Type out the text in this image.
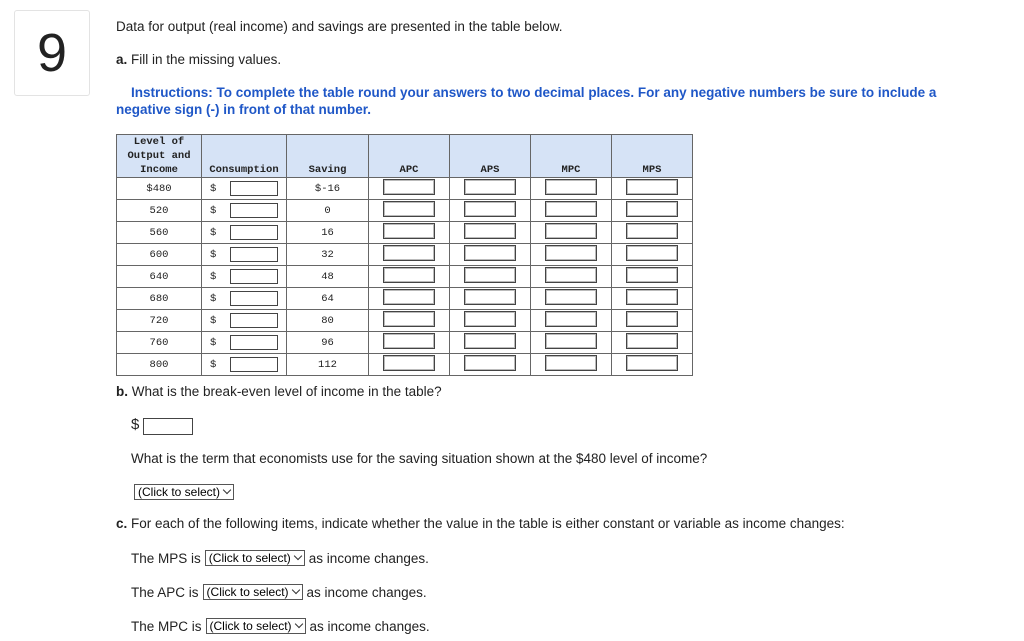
9	Data for output (real income) and savings are presented in the table below.
a. Fill in the missing values.
Instructions: To complete the table round your answers to two decimal places. For any negative numbers be sure to include a
negative sign (-) in front of that number.
Level of
Output and
Income	Consumption	Saving	APC	APS	MPC	MPS
$480	$	$-16				
520	$	0				
560	$	16				
600	$	32				
640	$	48				
680	$	64				
720	$	80				
760	$	96				
800	$	112				
b. What is the break-even level of income in the table?
$
What is the term that economists use for the saving situation shown at the $480 level of income?
(Click to select)
c. For each of the following items, indicate whether the value in the table is either constant or variable as income changes:
The MPS is (Click to select) as income changes.
The APC is (Click to select) as income changes.
The MPC is (Click to select) as income changes.
